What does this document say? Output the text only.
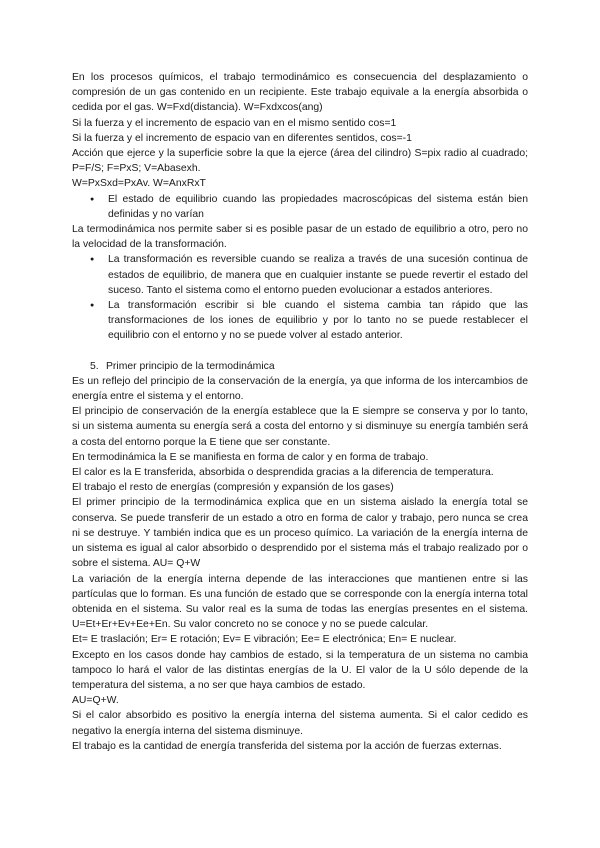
En los procesos químicos, el trabajo termodinámico es consecuencia del desplazamiento o compresión de un gas contenido en un recipiente. Este trabajo equivale a la energía absorbida o cedida por el gas. W=Fxd(distancia). W=Fxdxcos(ang)

Si la fuerza y el incremento de espacio van en el mismo sentido cos=1

Si la fuerza y el incremento de espacio van en diferentes sentidos, cos=-1

Acción que ejerce y la superficie sobre la que la ejerce (área del cilindro) S=pix radio al cuadrado; P=F/S; F=PxS; V=Abasexh.

W=PxSxd=PxAv. W=AnxRxT

● El estado de equilibrio cuando las propiedades macroscópicas del sistema están bien definidas y no varían

La termodinámica nos permite saber si es posible pasar de un estado de equilibrio a otro, pero no la velocidad de la transformación.

● La transformación es reversible cuando se realiza a través de una sucesión continua de estados de equilibrio, de manera que en cualquier instante se puede revertir el estado del suceso. Tanto el sistema como el entorno pueden evolucionar a estados anteriores.
● La transformación escribir si ble cuando el sistema cambia tan rápido que las transformaciones de los iones de equilibrio y por lo tanto no se puede restablecer el equilibrio con el entorno y no se puede volver al estado anterior.
5. Primer principio de la termodinámica

Es un reflejo del principio de la conservación de la energía, ya que informa de los intercambios de energía entre el sistema y el entorno.

El principio de conservación de la energía establece que la E siempre se conserva y por lo tanto, si un sistema aumenta su energía será a costa del entorno y si disminuye su energía también será a costa del entorno porque la E tiene que ser constante.

En termodinámica la E se manifiesta en forma de calor y en forma de trabajo.

El calor es la E transferida, absorbida o desprendida gracias a la diferencia de temperatura.

El trabajo el resto de energías (compresión y expansión de los gases)

El primer principio de la termodinámica explica que en un sistema aislado la energía total se conserva. Se puede transferir de un estado a otro en forma de calor y trabajo, pero nunca se crea ni se destruye. Y también indica que es un proceso químico. La variación de la energía interna de un sistema es igual al calor absorbido o desprendido por el sistema más el trabajo realizado por o sobre el sistema. AU= Q+W

La variación de la energía interna depende de las interacciones que mantienen entre si las partículas que lo forman. Es una función de estado que se corresponde con la energía interna total obtenida en el sistema. Su valor real es la suma de todas las energías presentes en el sistema. U=Et+Er+Ev+Ee+En. Su valor concreto no se conoce y no se puede calcular.

Et= E traslación; Er= E rotación; Ev= E vibración; Ee= E electrónica; En= E nuclear.

Excepto en los casos donde hay cambios de estado, si la temperatura de un sistema no cambia tampoco lo hará el valor de las distintas energías de la U. El valor de la U sólo depende de la temperatura del sistema, a no ser que haya cambios de estado.

AU=Q+W.

Si el calor absorbido es positivo la energía interna del sistema aumenta. Si el calor cedido es negativo la energía interna del sistema disminuye.

El trabajo es la cantidad de energía transferida del sistema por la acción de fuerzas externas.
